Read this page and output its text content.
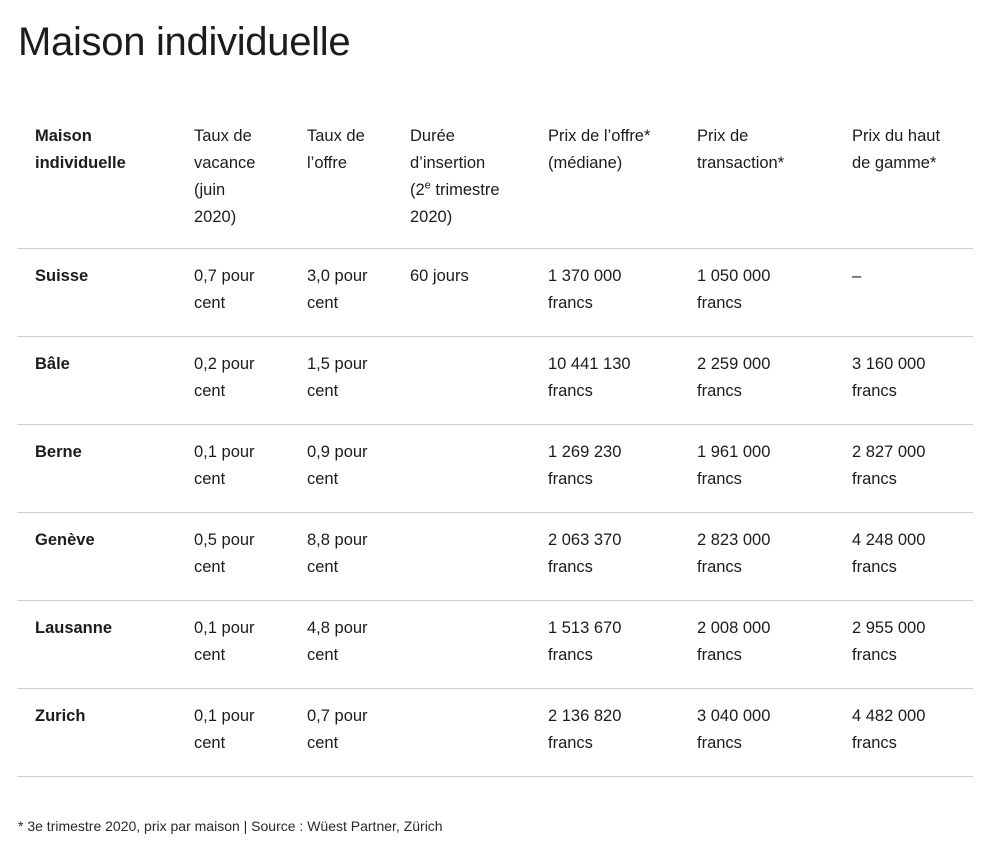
Maison individuelle
Maison
individuelle	Taux de
vacance
(juin
2020)	Taux de
l’offre	Durée
d’insertion
(2e trimestre
2020)	Prix de l’offre*
(médiane)	Prix de
transaction*	Prix du haut
de gamme*

Suisse	0,7 pour
cent	3,0 pour
cent	60 jours	1 370 000
francs	1 050 000
francs	–

Bâle	0,2 pour
cent	1,5 pour
cent		10 441 130
francs	2 259 000
francs	3 160 000
francs

Berne	0,1 pour
cent	0,9 pour
cent		1 269 230
francs	1 961 000
francs	2 827 000
francs

Genève	0,5 pour
cent	8,8 pour
cent		2 063 370
francs	2 823 000
francs	4 248 000
francs

Lausanne	0,1 pour
cent	4,8 pour
cent		1 513 670
francs	2 008 000
francs	2 955 000
francs

Zurich	0,1 pour
cent	0,7 pour
cent		2 136 820
francs	3 040 000
francs	4 482 000
francs

* 3e trimestre 2020, prix par maison | Source : Wüest Partner, Zürich
